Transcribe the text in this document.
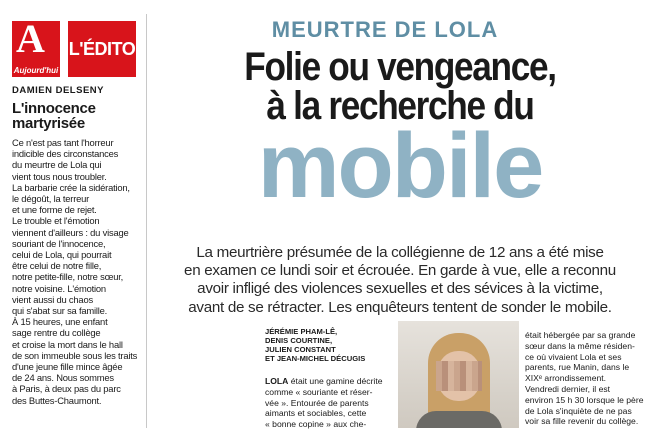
A
Aujourd'hui
L'ÉDITO
DAMIEN DELSENY
L'innocence
martyrisée
Ce n'est pas tant l'horreur
indicible des circonstances
du meurtre de Lola qui
vient tous nous troubler.
La barbarie crée la sidération,
le dégoût, la terreur
et une forme de rejet.
Le trouble et l'émotion
viennent d'ailleurs : du visage
souriant de l'innocence,
celui de Lola, qui pourrait
être celui de notre fille,
notre petite-fille, notre sœur,
notre voisine. L'émotion
vient aussi du chaos
qui s'abat sur sa famille.
À 15 heures, une enfant
sage rentre du collège
et croise la mort dans le hall
de son immeuble sous les traits
d'une jeune fille mince âgée
de 24 ans. Nous sommes
à Paris, à deux pas du parc
des Buttes-Chaumont.
MEURTRE DE LOLA
Folie ou vengeance,
à la recherche du
mobile
La meurtrière présumée de la collégienne de 12 ans a été mise
en examen ce lundi soir et écrouée. En garde à vue, elle a reconnu
avoir infligé des violences sexuelles et des sévices à la victime,
avant de se rétracter. Les enquêteurs tentent de sonder le mobile.
JÉRÉMIE PHAM-LÊ,
DENIS COURTINE,
JULIEN CONSTANT
ET JEAN-MICHEL DÉCUGIS
LOLA était une gamine décrite
comme « souriante et réser-
vée ». Entourée de parents
aimants et sociables, cette
« bonne copine » aux che-
était hébergée par sa grande
sœur dans la même résiden-
ce où vivaient Lola et ses
parents, rue Manin, dans le
XIXᵉ arrondissement.
Vendredi dernier, il est
environ 15 h 30 lorsque le père
de Lola s'inquiète de ne pas
voir sa fille revenir du collège.
